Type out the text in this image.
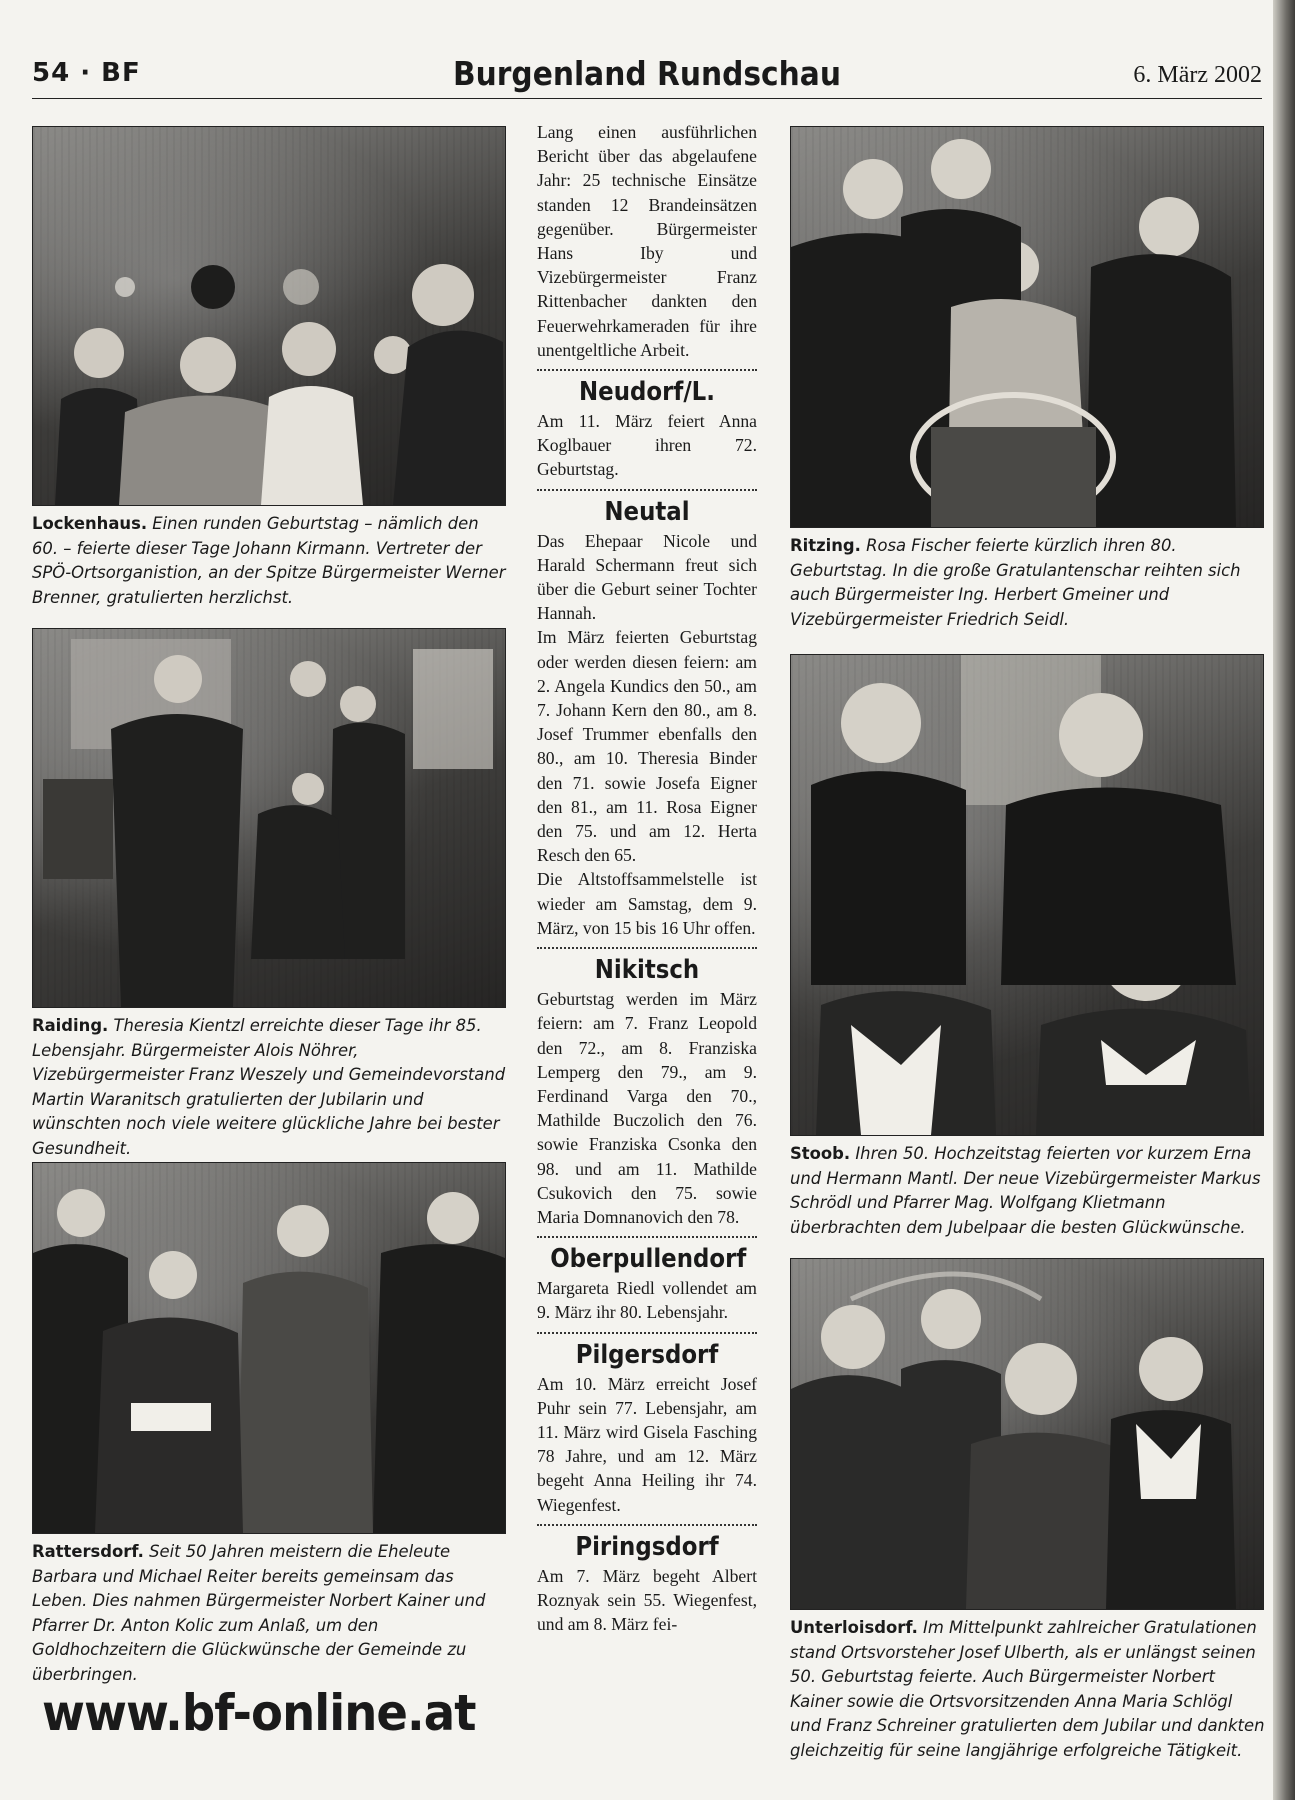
54 · BF	Burgenland Rundschau	6. März 2002
Lockenhaus. Einen runden Geburtstag – nämlich den 60. – feierte dieser Tage Johann Kirmann. Vertreter der SPÖ-Ortsorganistion, an der Spitze Bürgermeister Werner Brenner, gratulierten herzlichst.
Raiding. Theresia Kientzl erreichte dieser Tage ihr 85. Lebensjahr. Bürgermeister Alois Nöhrer, Vizebürgermeister Franz Weszely und Gemeindevorstand Martin Waranitsch gratulierten der Jubilarin und wünschten noch viele weitere glückliche Jahre bei bester Gesundheit.
Rattersdorf. Seit 50 Jahren meistern die Eheleute Barbara und Michael Reiter bereits gemeinsam das Leben. Dies nahmen Bürgermeister Norbert Kainer und Pfarrer Dr. Anton Kolic zum Anlaß, um den Goldhochzeitern die Glückwünsche der Gemeinde zu überbringen.
www.bf-online.at

Lang einen ausführlichen Bericht über das abgelaufene Jahr: 25 technische Einsätze standen 12 Brandeinsätzen gegenüber. Bürgermeister Hans Iby und Vizebürgermeister Franz Rittenbacher dankten den Feuerwehrkameraden für ihre unentgeltliche Arbeit.

Neudorf/L.

Am 11. März feiert Anna Koglbauer ihren 72. Geburtstag.

Neutal

Das Ehepaar Nicole und Harald Schermann freut sich über die Geburt seiner Tochter Hannah.

Im März feierten Geburtstag oder werden diesen feiern: am 2. Angela Kundics den 50., am 7. Johann Kern den 80., am 8. Josef Trummer ebenfalls den 80., am 10. Theresia Binder den 71. sowie Josefa Eigner den 81., am 11. Rosa Eigner den 75. und am 12. Herta Resch den 65.

Die Altstoffsammelstelle ist wieder am Samstag, dem 9. März, von 15 bis 16 Uhr offen.

Nikitsch

Geburtstag werden im März feiern: am 7. Franz Leopold den 72., am 8. Franziska Lemperg den 79., am 9. Ferdinand Varga den 70., Mathilde Buczolich den 76. sowie Franziska Csonka den 98. und am 11. Mathilde Csukovich den 75. sowie Maria Domnanovich den 78.

Oberpullendorf

Margareta Riedl vollendet am 9. März ihr 80. Lebensjahr.

Pilgersdorf

Am 10. März erreicht Josef Puhr sein 77. Lebensjahr, am 11. März wird Gisela Fasching 78 Jahre, und am 12. März begeht Anna Heiling ihr 74. Wiegenfest.

Piringsdorf

Am 7. März begeht Albert Roznyak sein 55. Wiegenfest, und am 8. März fei-

Ritzing. Rosa Fischer feierte kürzlich ihren 80. Geburtstag. In die große Gratulantenschar reihten sich auch Bürgermeister Ing. Herbert Gmeiner und Vizebürgermeister Friedrich Seidl.
Stoob. Ihren 50. Hochzeitstag feierten vor kurzem Erna und Hermann Mantl. Der neue Vizebürgermeister Markus Schrödl und Pfarrer Mag. Wolfgang Klietmann überbrachten dem Jubelpaar die besten Glückwünsche.
Unterloisdorf. Im Mittelpunkt zahlreicher Gratulationen stand Ortsvorsteher Josef Ulberth, als er unlängst seinen 50. Geburtstag feierte. Auch Bürgermeister Norbert Kainer sowie die Ortsvorsitzenden Anna Maria Schlögl und Franz Schreiner gratulierten dem Jubilar und dankten gleichzeitig für seine langjährige erfolgreiche Tätigkeit.
